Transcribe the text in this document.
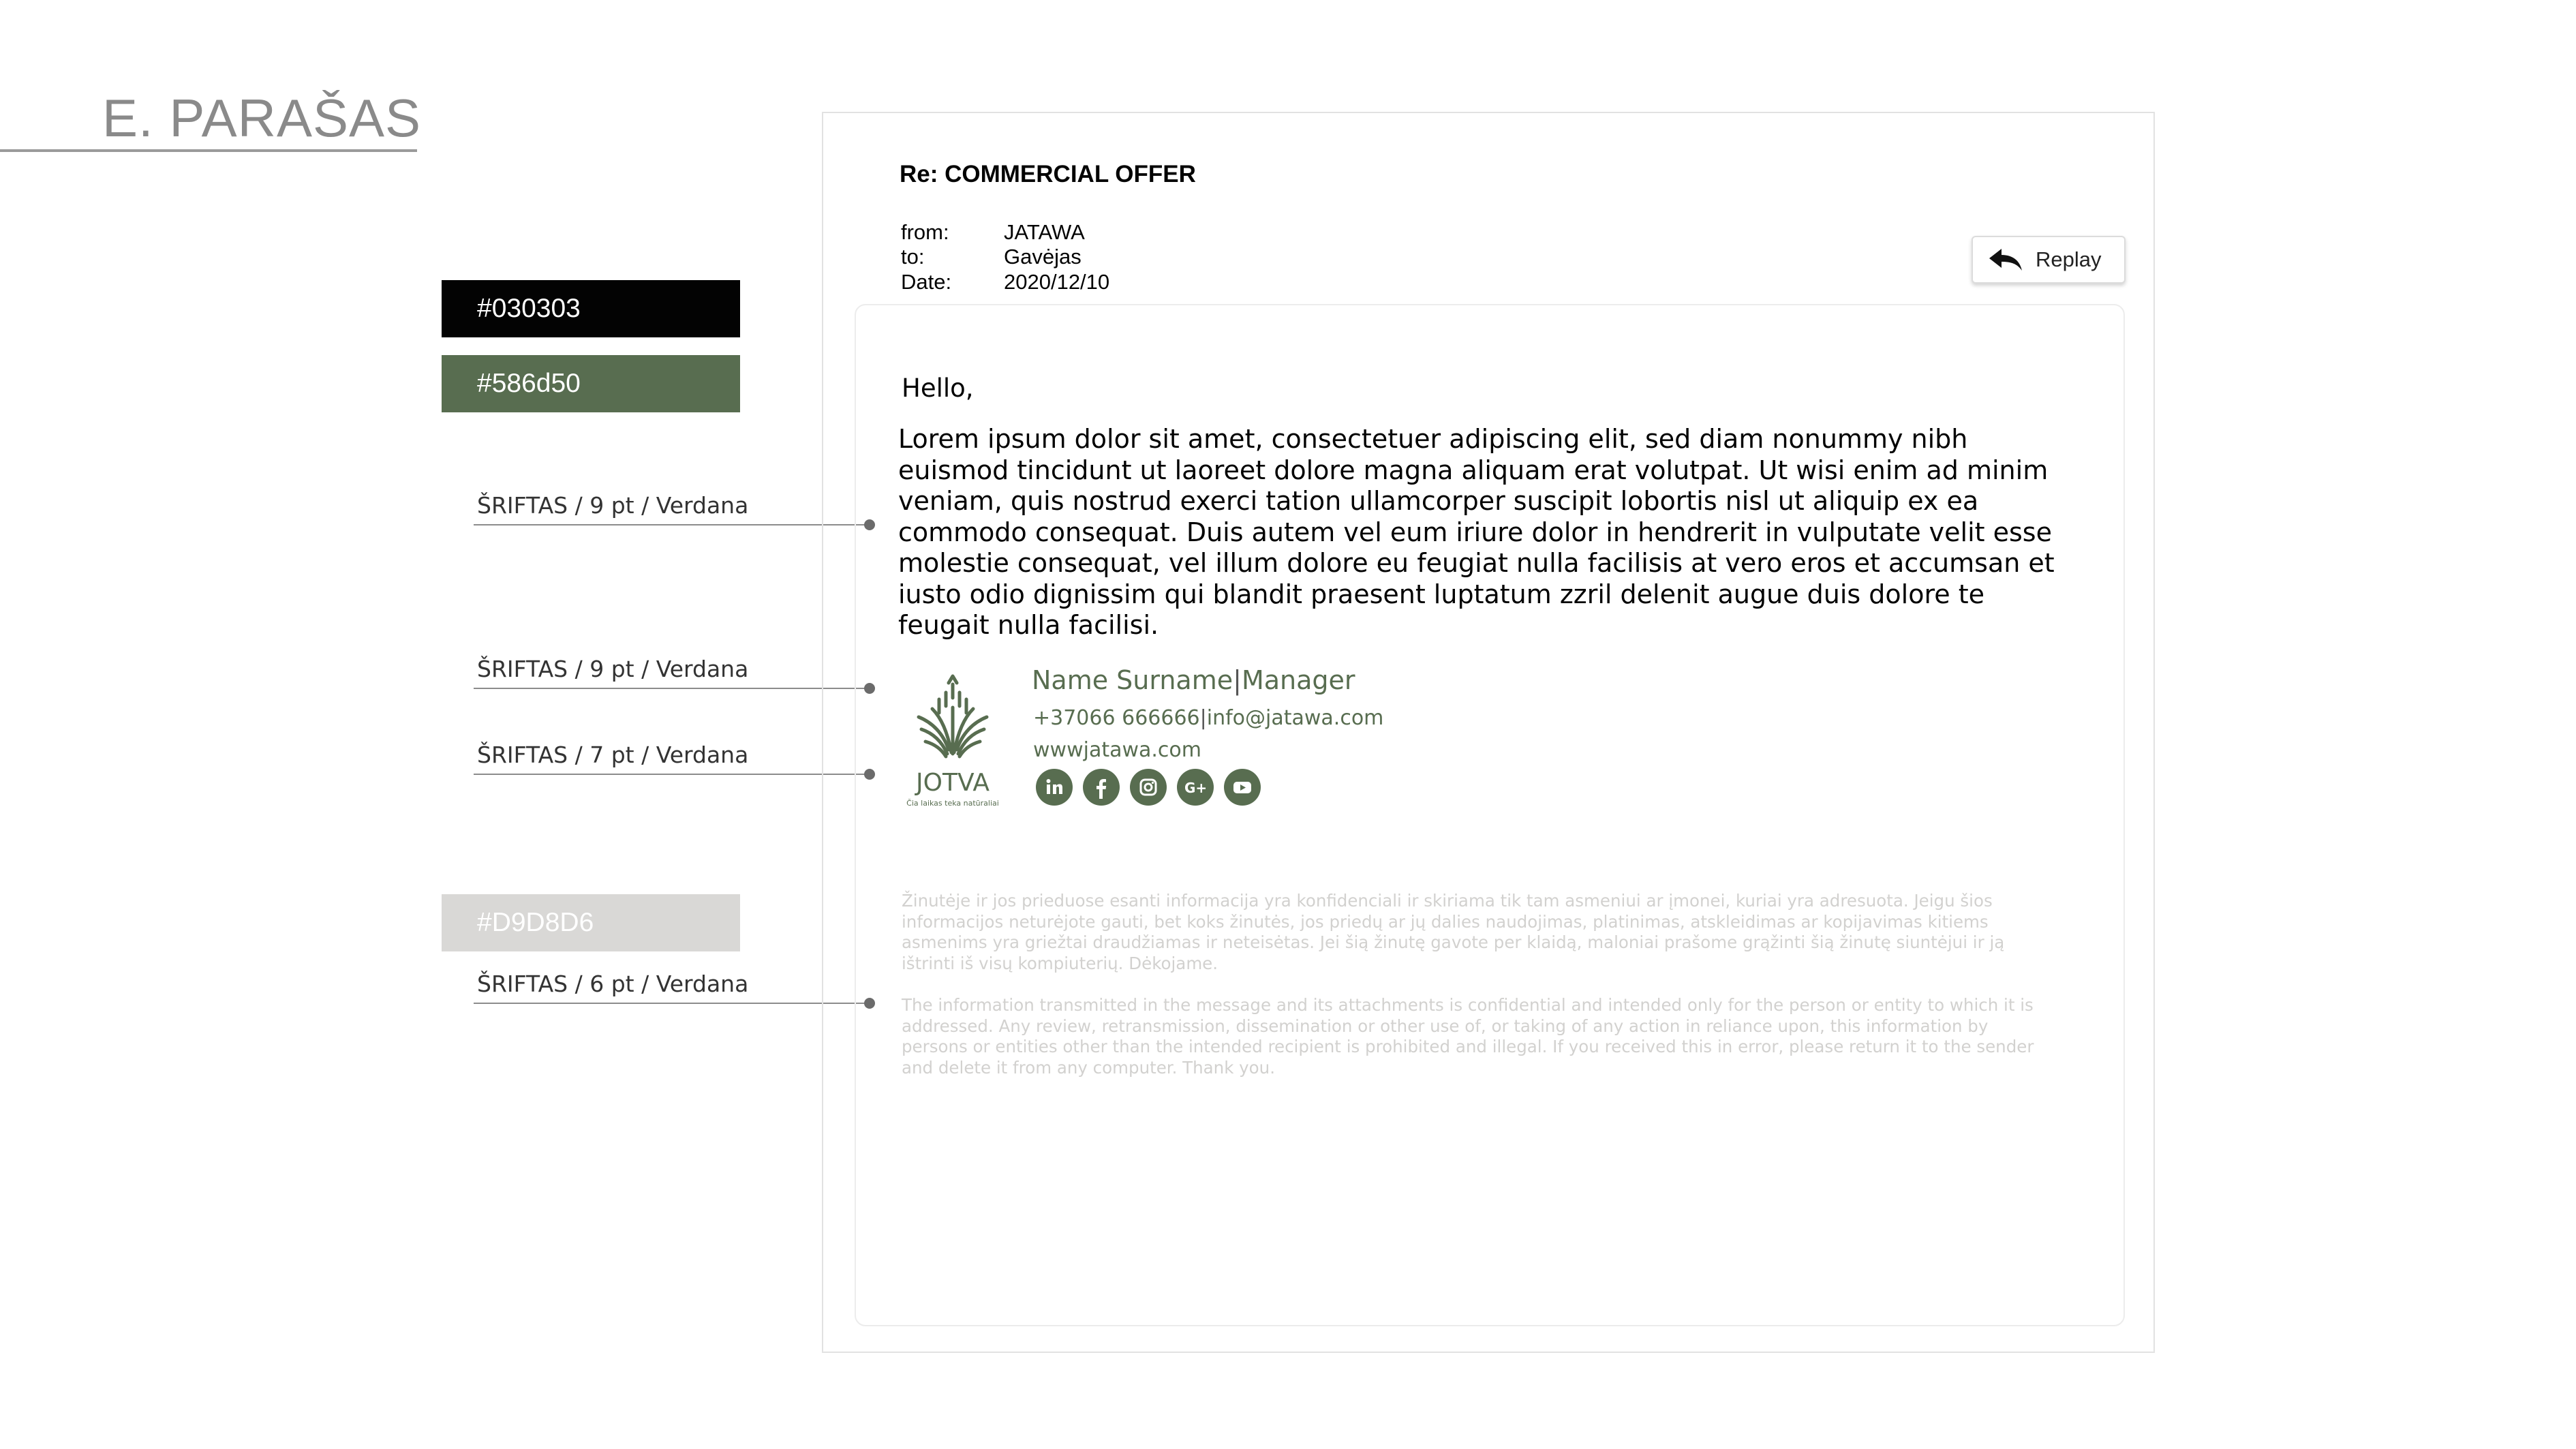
E. PARAŠAS
#030303
#586d50
#D9D8D6
ŠRIFTAS / 9 pt / Verdana
ŠRIFTAS / 9 pt / Verdana
ŠRIFTAS / 7 pt / Verdana
ŠRIFTAS / 6 pt / Verdana
Re: COMMERCIAL OFFER
from:	JATAWA
to:	Gavėjas
Date: 2020/12/10
Replay
Hello,
Lorem ipsum dolor sit amet, consectetuer adipiscing elit, sed diam nonummy nibh euismod tincidunt ut laoreet dolore magna aliquam erat volutpat. Ut wisi enim ad minim veniam, quis nostrud exerci tation ullamcorper suscipit lobortis nisl ut aliquip ex ea commodo consequat. Duis autem vel eum iriure dolor in hendrerit in vulputate velit esse molestie consequat, vel illum dolore eu feugiat nulla facilisis at vero eros et accumsan et iusto odio dignissim qui blandit praesent luptatum zzril delenit augue duis dolore te feugait nulla facilisi.
JOTVA
Čia laikas teka natūraliai
Name Surname|Manager
+37066 666666|info@jatawa.com
wwwjatawa.com
G+
Žinutėje ir jos prieduose esanti informacija yra konfidenciali ir skiriama tik tam asmeniui ar įmonei, kuriai yra adresuota. Jeigu šios informacijos neturėjote gauti, bet koks žinutės, jos priedų ar jų dalies naudojimas, platinimas, atskleidimas ar kopijavimas kitiems asmenims yra griežtai draudžiamas ir neteisėtas. Jei šią žinutę gavote per klaidą, maloniai prašome grąžinti šią žinutę siuntėjui ir ją ištrinti iš visų kompiuterių. Dėkojame.
The information transmitted in the message and its attachments is confidential and intended only for the person or entity to which it is addressed. Any review, retransmission, dissemination or other use of, or taking of any action in reliance upon, this information by persons or entities other than the intended recipient is prohibited and illegal. If you received this in error, please return it to the sender and delete it from any computer. Thank you.
